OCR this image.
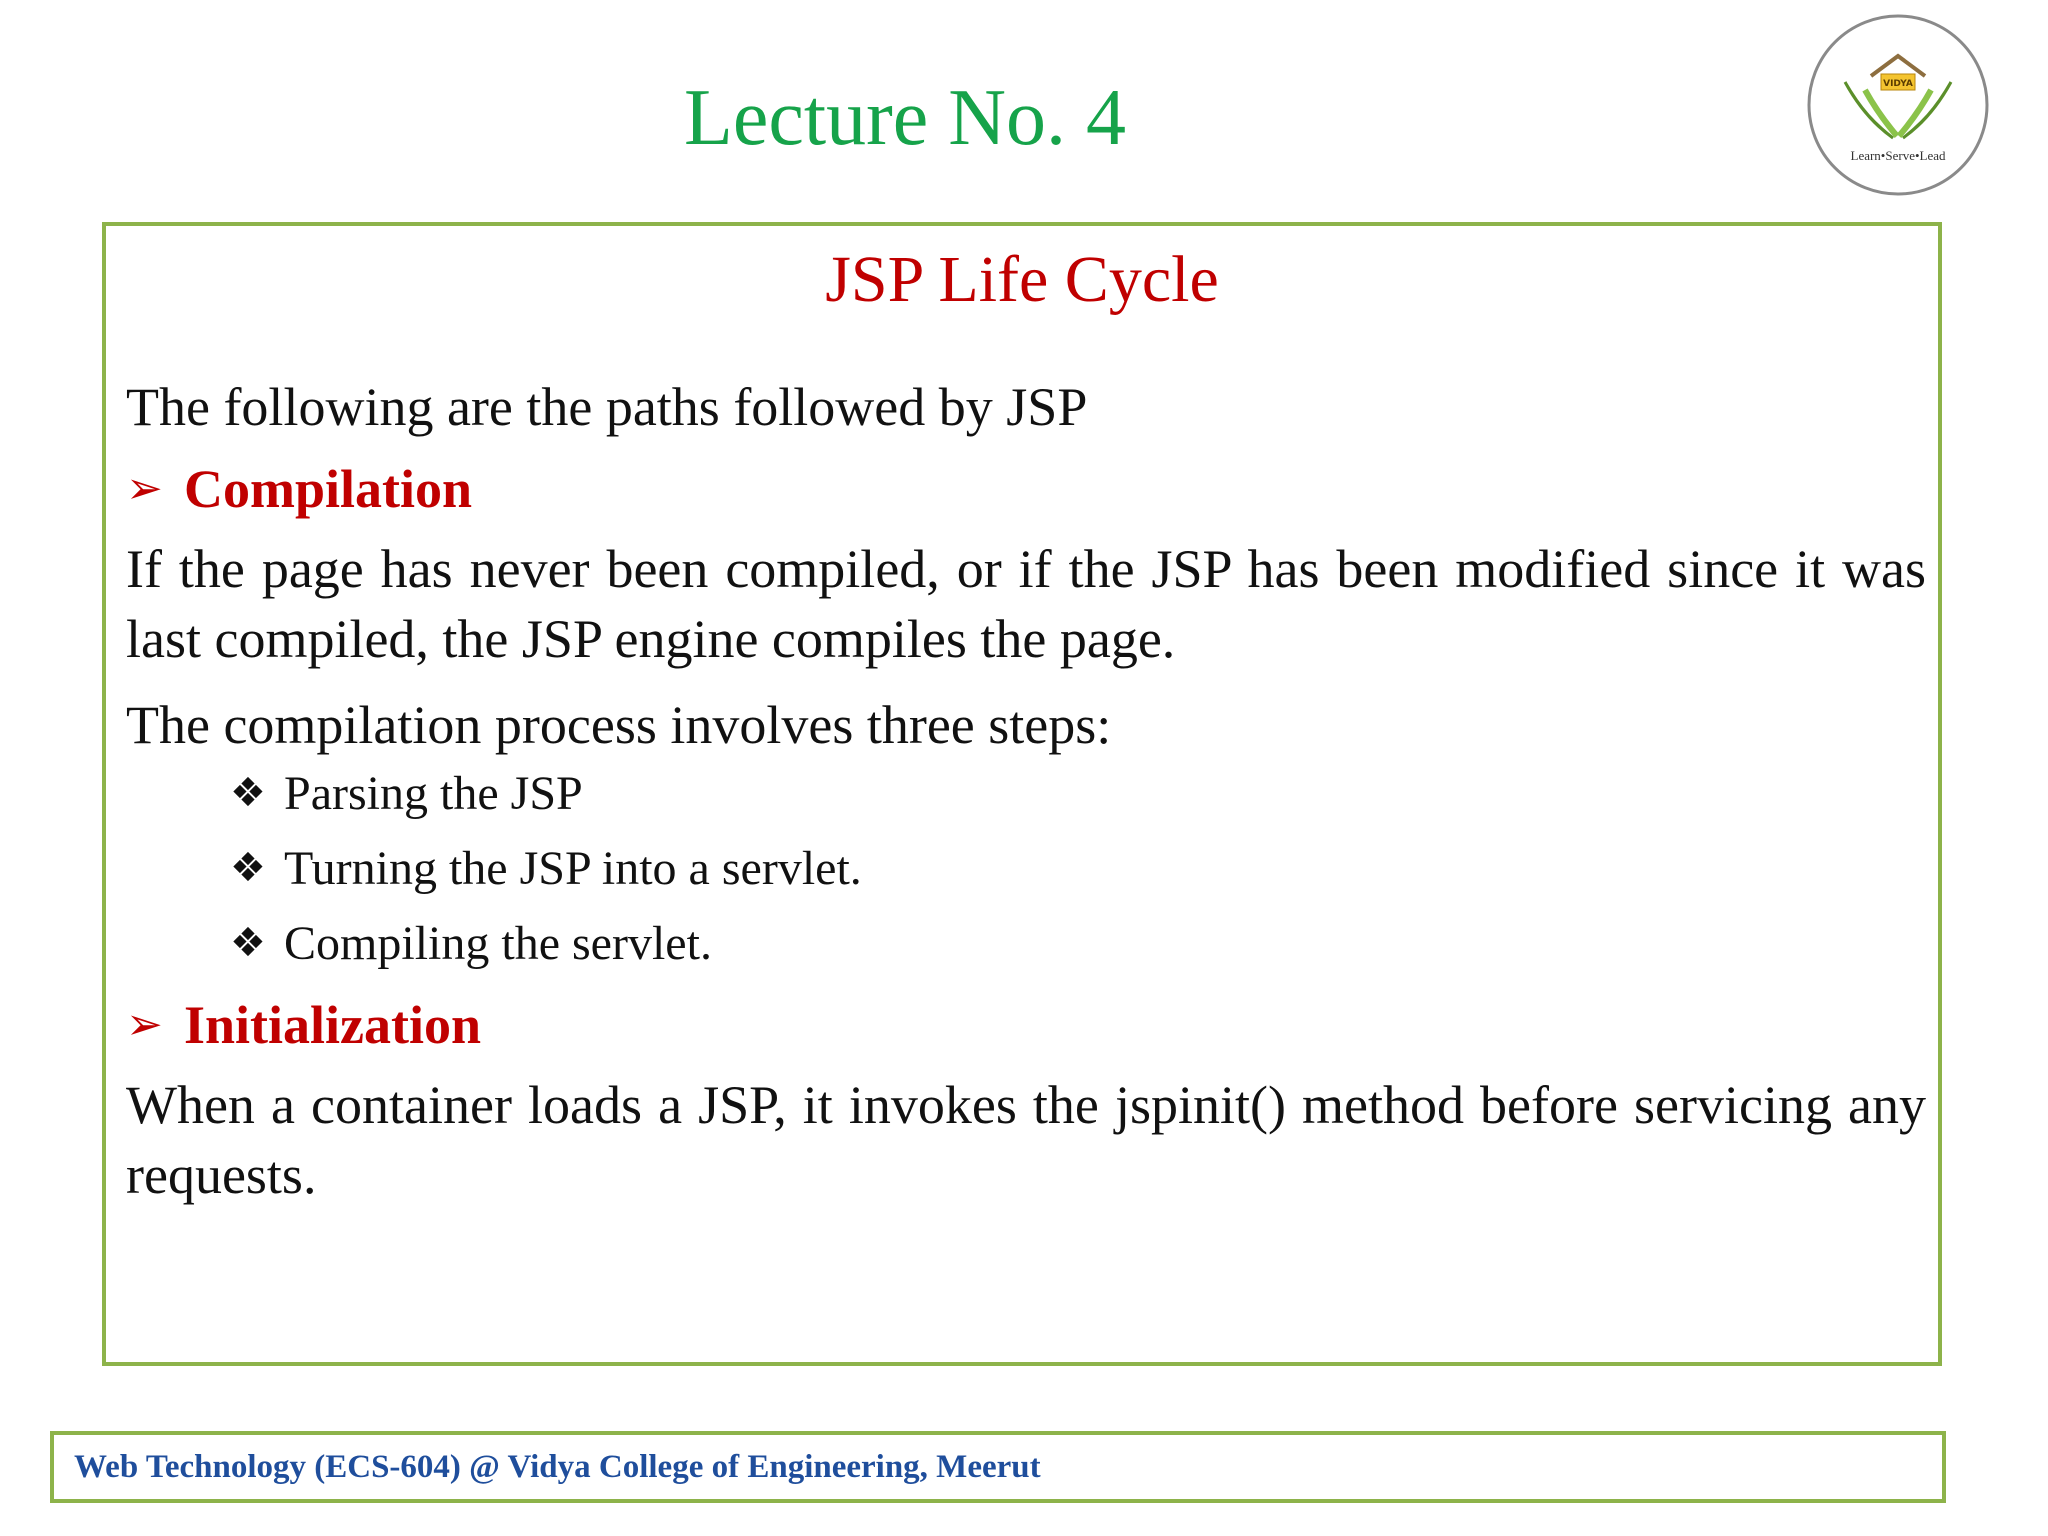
Lecture No. 4	VIDYA
Learn•Serve•Lead
JSP Life Cycle

The following are the paths followed by JSP

➢ Compilation

If the page has never been compiled, or if the JSP has been modified since it was last compiled, the JSP engine compiles the page.

The compilation process involves three steps:

❖ Parsing the JSP
❖ Turning the JSP into a servlet.
❖ Compiling the servlet.
➢ Initialization

When a container loads a JSP, it invokes the jspinit() method before servicing any requests.

Web Technology (ECS-604) @ Vidya College of Engineering, Meerut
